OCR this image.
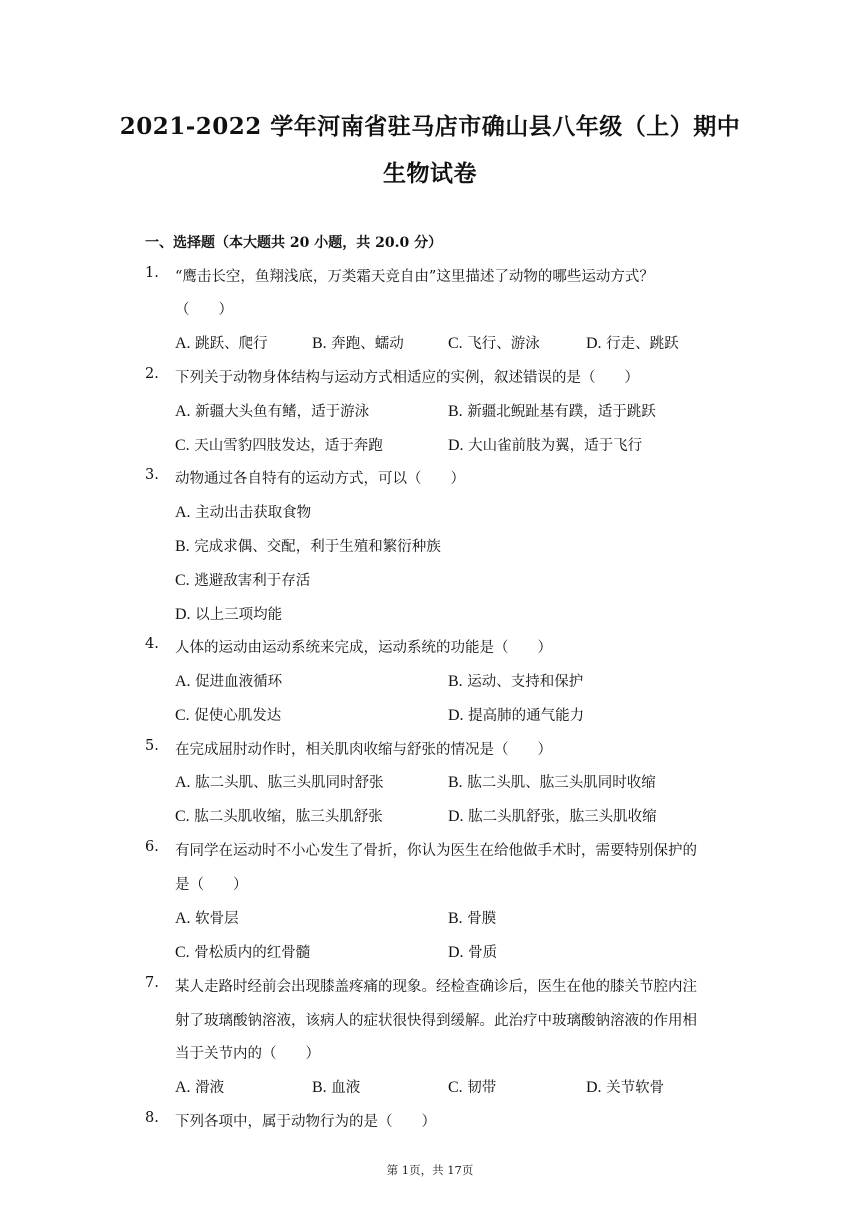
2021-2022 学年河南省驻马店市确山县八年级（上）期中
生物试卷
一、选择题（本大题共 20 小题，共 20.0 分）
1. “鹰击长空，鱼翔浅底，万类霜天竞自由”这里描述了动物的哪些运动方式？
（　　）
A. 跳跃、爬行	B. 奔跑、蠕动	C. 飞行、游泳	D. 行走、跳跃
2. 下列关于动物身体结构与运动方式相适应的实例，叙述错误的是（　　）
A. 新疆大头鱼有鳍，适于游泳	B. 新疆北鲵趾基有蹼，适于跳跃
C. 天山雪豹四肢发达，适于奔跑	D. 大山雀前肢为翼，适于飞行
3. 动物通过各自特有的运动方式，可以（　　）
A. 主动出击获取食物
B. 完成求偶、交配，利于生殖和繁衍种族
C. 逃避敌害利于存活
D. 以上三项均能
4. 人体的运动由运动系统来完成，运动系统的功能是（　　）
A. 促进血液循环	B. 运动、支持和保护
C. 促使心肌发达	D. 提高肺的通气能力
5. 在完成屈肘动作时，相关肌肉收缩与舒张的情况是（　　）
A. 肱二头肌、肱三头肌同时舒张	B. 肱二头肌、肱三头肌同时收缩
C. 肱二头肌收缩，肱三头肌舒张	D. 肱二头肌舒张，肱三头肌收缩
6. 有同学在运动时不小心发生了骨折，你认为医生在给他做手术时，需要特别保护的
是（　　）
A. 软骨层	B. 骨膜
C. 骨松质内的红骨髓	D. 骨质
7. 某人走路时经前会出现膝盖疼痛的现象。经检查确诊后，医生在他的膝关节腔内注
射了玻璃酸钠溶液，该病人的症状很快得到缓解。此治疗中玻璃酸钠溶液的作用相
当于关节内的（　　）
A. 滑液	B. 血液	C. 韧带	D. 关节软骨
8. 下列各项中，属于动物行为的是（　　）
第 1页，共 17页
